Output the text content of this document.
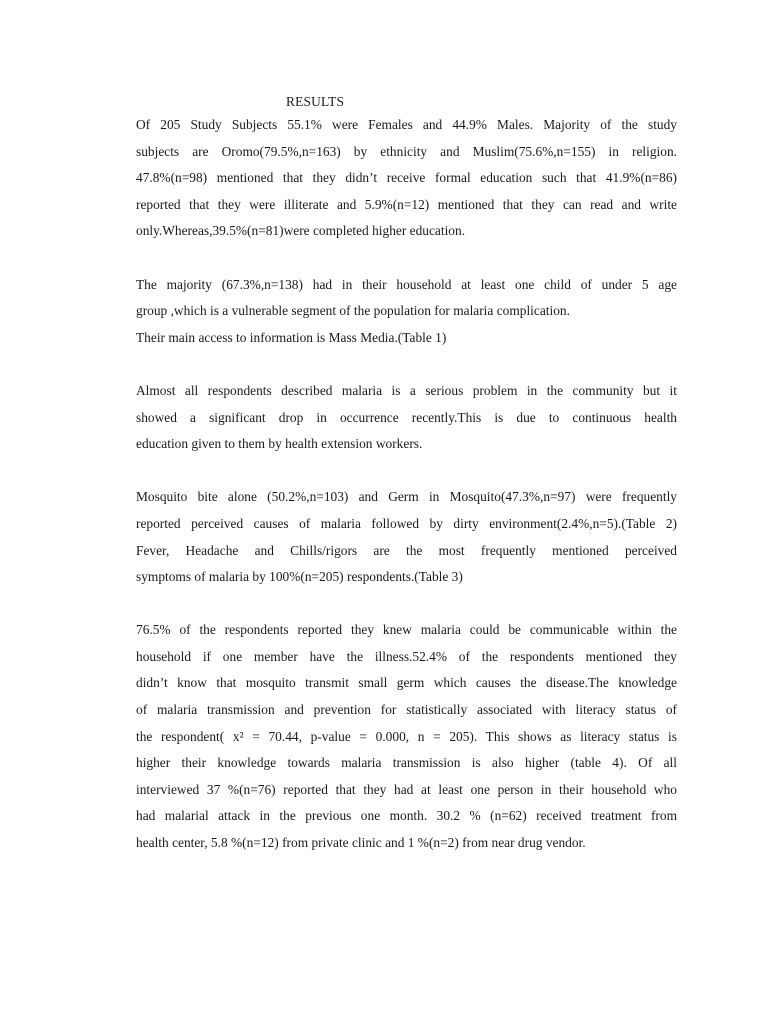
RESULTS

Of 205 Study Subjects 55.1% were Females and 44.9% Males. Majority of the study
subjects are Oromo(79.5%,n=163) by ethnicity and Muslim(75.6%,n=155) in religion.
47.8%(n=98) mentioned that they didn’t receive formal education such that 41.9%(n=86)
reported that they were illiterate and 5.9%(n=12) mentioned that they can read and write
only.Whereas,39.5%(n=81)were completed higher education.

The majority (67.3%,n=138) had in their household at least one child of under 5 age
group ,which is a vulnerable segment of the population for malaria complication.
Their main access to information is Mass Media.(Table 1)

Almost all respondents described malaria is a serious problem in the community but it
showed a significant drop in occurrence recently.This is due to continuous health
education given to them by health extension workers.

Mosquito bite alone (50.2%,n=103) and Germ in Mosquito(47.3%,n=97) were frequently
reported perceived causes of malaria followed by dirty environment(2.4%,n=5).(Table 2)
Fever, Headache and Chills/rigors are the most frequently mentioned perceived
symptoms of malaria by 100%(n=205) respondents.(Table 3)

76.5% of the respondents reported they knew malaria could be communicable within the
household if one member have the illness.52.4% of the respondents mentioned they
didn’t know that mosquito transmit small germ which causes the disease.The knowledge
of malaria transmission and prevention for statistically associated with literacy status of
the respondent( x² = 70.44, p-value = 0.000, n = 205). This shows as literacy status is
higher their knowledge towards malaria transmission is also higher (table 4). Of all
interviewed 37 %(n=76) reported that they had at least one person in their household who
had malarial attack in the previous one month. 30.2 % (n=62) received treatment from
health center, 5.8 %(n=12) from private clinic and 1 %(n=2) from near drug vendor.
